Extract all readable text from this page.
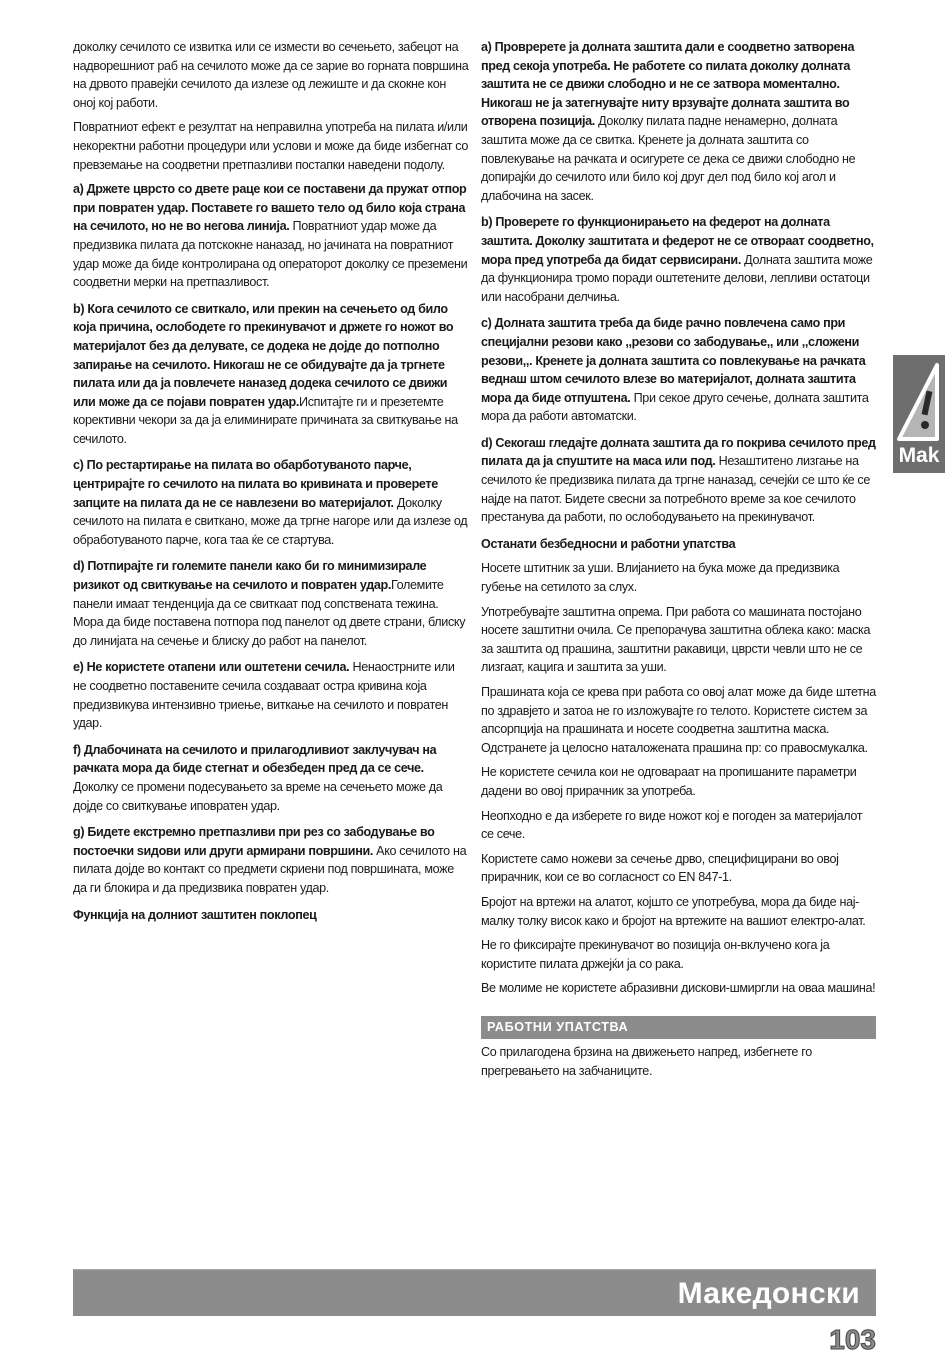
доколку сечилото се извитка или се измести во сечењето, забецот на надворешниот раб на сечилото може да се зарие во горната површина на дрвото правејќи сечилото да излезе од лежиште и да скокне кон оној кој работи.

Повратниот ефект е резултат на неправилна употреба на пилата и/или некоректни работни процедури или услови и може да биде избегнат со превземање на соодветни претпазливи постапки наведени подолу.

a) Држете цврсто со двете раце кои се поставени да пружат отпор при повратен удар. Поставете го вашето тело од било која страна на сечилото, но не во негова линија. Повратниот удар може да предизвика пилата да потскокне наназад, но јачината на повратниот удар може да биде контролирана од операторот доколку се преземени соодветни мерки на претпазливост.

b) Кога сечилото се свиткало, или прекин на сечењето од било која причина, ослободете го прекинувачот и држете го ножот во материјалот без да делувате, се додека не дојде до потполно запирање на сечилото. Никогаш не се обидувајте да ја тргнете пилата или да ја повлечете наназед додека сечилото се движи или може да се појави повратен удар.Испитајте ги и презетемте корективни чекори за да ја елиминирате причината за свиткување на сечилото.

c) По рестартирање на пилата во обарботуваното парче, центрирајте го сечилото на пилата во кривината и проверете запците на пилата да не се навлезени во материјалот. Доколку сечилото на пилата е свиткано, може да тргне нагоре или да излезе од обработуваното парче, кога таа ќе се стартува.

d) Потпирајте ги големите панели како би го минимизирале ризикот од свиткување на сечилото и повратен удар.Големите панели имаат тенденција да се свиткаат под сопствената тежина. Мора да биде поставена потпора под панелот од двете страни, блиску до линијата на сечење и блиску до работ на панелот.

e) Не користете отапени или оштетени сечила. Ненаострните или не соодветно поставените сечила создаваат остра кривина која предизвикува интензивно триење, виткање на сечилото и повратен удар.

f) Длабочината на сечилото и прилагодливиот заклучувач на рачката мора да биде стегнат и обезбеден пред да се сече. Доколку се промени подесувањето за време на сечењето може да дојде со свиткување иповратен удар.

g) Бидете екстремно претпазливи при рез со забодување во постоечки ѕидови или други армирани површини. Ако сечилото на пилата дојде во контакт со предмети скриени под површината, може да ги блокира и да предизвика повратен удар.

Функција на долниот заштитен поклопец

a) Провререте ја долната заштита дали е соодветно затворена пред секоја употреба. Не работете со пилата доколку долната заштита не се движи слободно и не се затвора моментално. Никогаш не ја затегнувајте ниту врзувајте долната заштита во отворена позиција. Доколку пилата падне ненамерно, долната заштита може да се свитка. Кренете ја долната заштита со повлекување на рачката и осигурете се дека се движи слободно не допирајќи до сечилото или било кој друг дел под било кој агол и длабочина на засек.

b) Проверете го функционирањето на федерот на долната заштита. Доколку заштитата и федерот не се отвораат соодветно, мора пред употреба да бидат сервисирани. Долната заштита може да функционира тромо поради оштетените делови, лепливи остатоци или насобрани делчиња.

c) Долната заштита треба да биде рачно повлечена само при специјални резови како ,,резови со забодување,, или ,,сложени резови,,. Кренете ја долната заштита со повлекување на рачката веднаш штом сечилото влезе во материјалот, долната заштита мора да биде отпуштена. При секое друго сечење, долната заштита мора да работи автоматски.

d) Секогаш гледајте долната заштита да го покрива сечилото пред пилата да ја спуштите на маса или под. Незаштитено лизгање на сечилото ќе предизвика пилата да тргне наназад, сечејќи се што ќе се најде на патот. Бидете свесни за потребното време за кое сечилото престанува да работи, по ослободувањето на прекинувачот.

Останати безбедносни и работни упатства

Носете штитник за уши. Влијанието на бука може да предизвика губење на сетилото за слух.

Употребувајте заштитна опрема. При работа со машината постојано носете заштитни очила. Се препорачува заштитна облека како: маска за заштита од прашина, заштитни ракавици, цврсти чевли што не се лизгаат, кацига и заштита за уши.

Прашината која се крева при работа со овој алат може да биде штетна по здравјето и затоа не го изложувајте го телото. Користете систем за апсорпција на прашината и носете соодветна заштитна маска. Одстранете ја целосно наталожената прашина пр: со правосмукалка.

Не користете сечила кои не одговараат на пропишаните параметри дадени во овој прирачник за употреба.

Неопходно е да изберете го виде ножот кој е погоден за материјалот се сече.

Користете само ножеви за сечење дрво, специфицирани во овој прирачник, кои се во согласност со EN 847-1.

Бројот на вртежи на алатот, којшто се употребува, мора да биде нај-малку толку висок како и бројот на вртежите на вашиот електро-алат.

Не го фиксирајте прекинувачот во позиција он-вклучено кога ја користите пилата држејќи ја со рака.

Ве молиме не користете абразивни дискови-шмиргли на оваа машина!

РАБОТНИ УПАТСТВА

Со прилагодена брзина на движењето напред, избегнете го прегревањето на забчаниците.

Mak
Македонски
103
